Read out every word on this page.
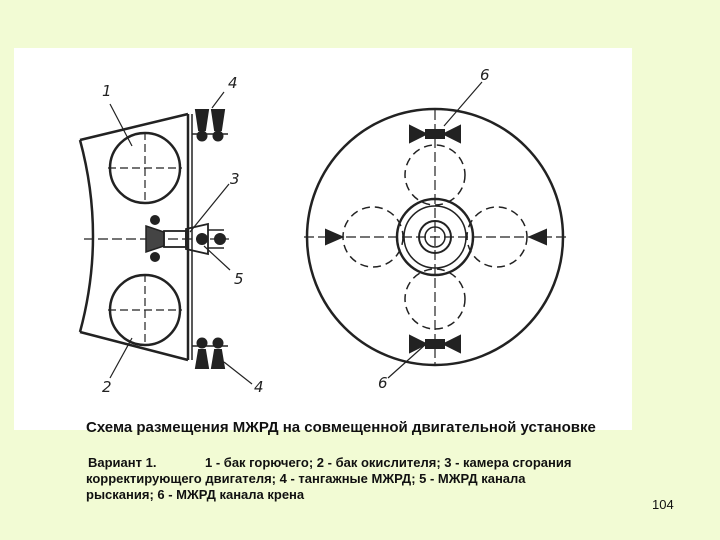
1	4
3
5
2	4
6
6
Схема размещения МЖРД на совмещенной двигательной установке
Вариант 1.	1 - бак горючего; 2 - бак окислителя; 3 - камера сгорания
корректирующего двигателя; 4 - тангажные МЖРД; 5 - МЖРД канала
рыскания; 6 - МЖРД канала крена
104
